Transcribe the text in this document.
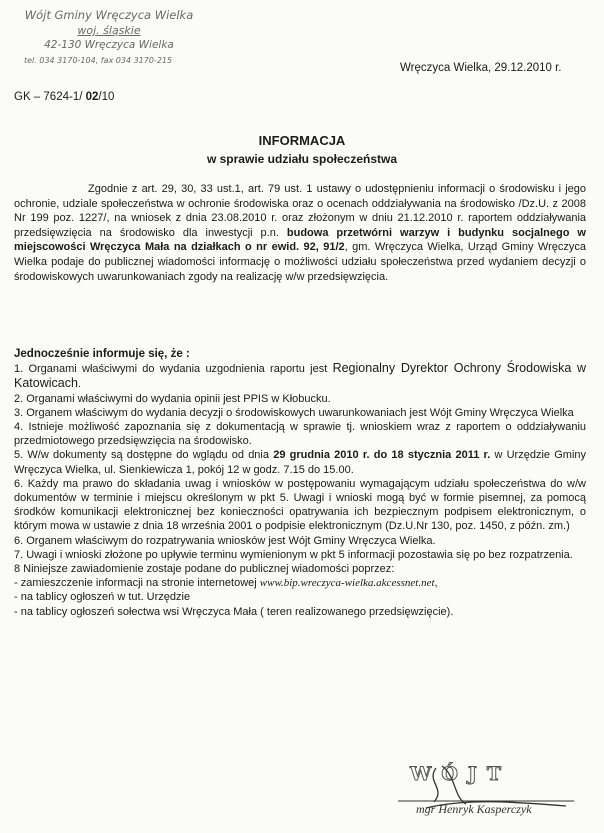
Wójt Gminy Wręczyca Wielka
woj. śląskie
42-130 Wręczyca Wielka
tel. 034 3170-104, fax 034 3170-215
Wręczyca Wielka, 29.12.2010 r.
GK – 7624-1/ 02/10
INFORMACJA
w sprawie udziału społeczeństwa
Zgodnie z art. 29, 30, 33 ust.1, art. 79 ust. 1 ustawy o udostępnieniu informacji o środowisku i jego ochronie, udziale społeczeństwa w ochronie środowiska oraz o ocenach oddziaływania na środowisko /Dz.U. z 2008 Nr 199 poz. 1227/, na wniosek z dnia 23.08.2010 r. oraz złożonym w dniu 21.12.2010 r. raportem oddziaływania przedsięwzięcia na środowisko dla inwestycji p.n. budowa przetwórni warzyw i budynku socjalnego w miejscowości Wręczyca Mała na działkach o nr ewid. 92, 91/2, gm. Wręczyca Wielka, Urząd Gminy Wręczyca Wielka podaje do publicznej wiadomości informację o możliwości udziału społeczeństwa przed wydaniem decyzji o środowiskowych uwarunkowaniach zgody na realizację w/w przedsięwzięcia.
Jednocześnie informuje się, że :
1. Organami właściwymi do wydania uzgodnienia raportu jest Regionalny Dyrektor Ochrony Środowiska w Katowicach.
2. Organami właściwymi do wydania opinii jest PPIS w Kłobucku.
3. Organem właściwym do wydania decyzji o środowiskowych uwarunkowaniach jest Wójt Gminy Wręczyca Wielka
4. Istnieje możliwość zapoznania się z dokumentacją w sprawie tj. wnioskiem wraz z raportem o oddziaływaniu przedmiotowego przedsięwzięcia na środowisko.
5. W/w dokumenty są dostępne do wglądu od dnia 29 grudnia 2010 r. do 18 stycznia 2011 r. w Urzędzie Gminy Wręczyca Wielka, ul. Sienkiewicza 1, pokój 12 w godz. 7.15 do 15.00.
6. Każdy ma prawo do składania uwag i wniosków w postępowaniu wymagającym udziału społeczeństwa do w/w dokumentów w terminie i miejscu określonym w pkt 5. Uwagi i wnioski mogą być w formie pisemnej, za pomocą środków komunikacji elektronicznej bez konieczności opatrywania ich bezpiecznym podpisem elektronicznym, o którym mowa w ustawie z dnia 18 września 2001 o podpisie elektronicznym (Dz.U.Nr 130, poz. 1450, z późn. zm.)
6. Organem właściwym do rozpatrywania wniosków jest Wójt Gminy Wręczyca Wielka.
7. Uwagi i wnioski złożone po upływie terminu wymienionym w pkt 5 informacji pozostawia się po bez rozpatrzenia.
8 Niniejsze zawiadomienie zostaje podane do publicznej wiadomości poprzez:
- zamieszczenie informacji na stronie internetowej www.bip.wreczyca-wielka.akcessnet.net,
- na tablicy ogłoszeń w tut. Urzędzie
- na tablicy ogłoszeń sołectwa wsi Wręczyca Mała ( teren realizowanego przedsięwzięcie).
WÓJT
mgr Henryk Kasperczyk
